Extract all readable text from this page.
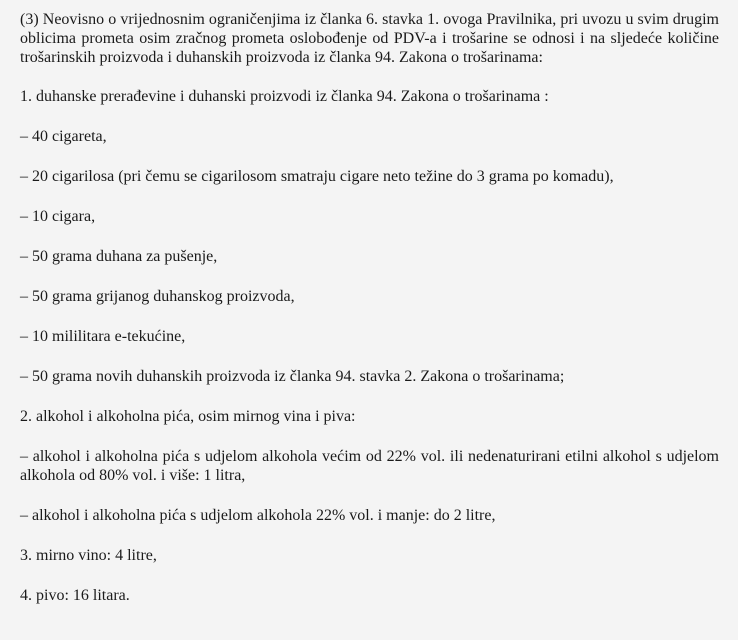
(3) Neovisno o vrijednosnim ograničenjima iz članka 6. stavka 1. ovoga Pravilnika, pri uvozu u svim drugim oblicima prometa osim zračnog prometa oslobođenje od PDV-a i trošarine se odnosi i na sljedeće količine trošarinskih proizvoda i duhanskih proizvoda iz članka 94. Zakona o trošarinama:

1. duhanske prerađevine i duhanski proizvodi iz članka 94. Zakona o trošarinama :

– 40 cigareta,

– 20 cigarilosa (pri čemu se cigarilosom smatraju cigare neto težine do 3 grama po komadu),

– 10 cigara,

– 50 grama duhana za pušenje,

– 50 grama grijanog duhanskog proizvoda,

– 10 mililitara e-tekućine,

– 50 grama novih duhanskih proizvoda iz članka 94. stavka 2. Zakona o trošarinama;

2. alkohol i alkoholna pića, osim mirnog vina i piva:

– alkohol i alkoholna pića s udjelom alkohola većim od 22% vol. ili nedenaturirani etilni alkohol s udjelom alkohola od 80% vol. i više: 1 litra,

– alkohol i alkoholna pića s udjelom alkohola 22% vol. i manje: do 2 litre,

3. mirno vino: 4 litre,

4. pivo: 16 litara.
